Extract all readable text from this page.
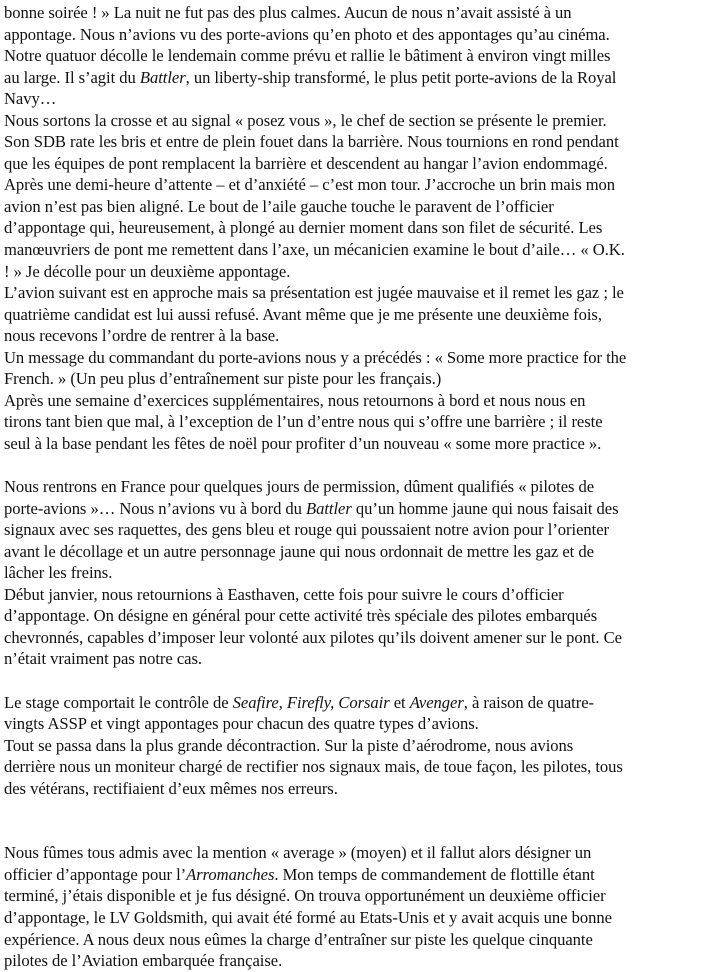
bonne soirée ! » La nuit ne fut pas des plus calmes. Aucun de nous n’avait assisté à un
appontage. Nous n’avions vu des porte-avions qu’en photo et des appontages qu’au cinéma.
Notre quatuor décolle le lendemain comme prévu et rallie le bâtiment à environ vingt milles
au large. Il s’agit du Battler, un liberty-ship transformé, le plus petit porte-avions de la Royal
Navy…
Nous sortons la crosse et au signal « posez vous », le chef de section se présente le premier.
Son SDB rate les bris et entre de plein fouet dans la barrière. Nous tournions en rond pendant
que les équipes de pont remplacent la barrière et descendent au hangar l’avion endommagé.
Après une demi-heure d’attente – et d’anxiété – c’est mon tour. J’accroche un brin mais mon
avion n’est pas bien aligné. Le bout de l’aile gauche touche le paravent de l’officier
d’appontage qui, heureusement, à plongé au dernier moment dans son filet de sécurité. Les
manœuvriers de pont me remettent dans l’axe, un mécanicien examine le bout d’aile… « O.K.
! » Je décolle pour un deuxième appontage.
L’avion suivant est en approche mais sa présentation est jugée mauvaise et il remet les gaz ; le
quatrième candidat est lui aussi refusé. Avant même que je me présente une deuxième fois,
nous recevons l’ordre de rentrer à la base.
Un message du commandant du porte-avions nous y a précédés : « Some more practice for the
French. » (Un peu plus d’entraînement sur piste pour les français.)
Après une semaine d’exercices supplémentaires, nous retournons à bord et nous nous en
tirons tant bien que mal, à l’exception de l’un d’entre nous qui s’offre une barrière ; il reste
seul à la base pendant les fêtes de noël pour profiter d’un nouveau « some more practice ».
Nous rentrons en France pour quelques jours de permission, dûment qualifiés « pilotes de
porte-avions »… Nous n’avions vu à bord du Battler qu’un homme jaune qui nous faisait des
signaux avec ses raquettes, des gens bleu et rouge qui poussaient notre avion pour l’orienter
avant le décollage et un autre personnage jaune qui nous ordonnait de mettre les gaz et de
lâcher les freins.
Début janvier, nous retournions à Easthaven, cette fois pour suivre le cours d’officier
d’appontage. On désigne en général pour cette activité très spéciale des pilotes embarqués
chevronnés, capables d’imposer leur volonté aux pilotes qu’ils doivent amener sur le pont. Ce
n’était vraiment pas notre cas.
Le stage comportait le contrôle de Seafire, Firefly, Corsair et Avenger, à raison de quatre-
vingts ASSP et vingt appontages pour chacun des quatre types d’avions.
Tout se passa dans la plus grande décontraction. Sur la piste d’aérodrome, nous avions
derrière nous un moniteur chargé de rectifier nos signaux mais, de toue façon, les pilotes, tous
des vétérans, rectifiaient d’eux mêmes nos erreurs.
Nous fûmes tous admis avec la mention « average » (moyen) et il fallut alors désigner un
officier d’appontage pour l’Arromanches. Mon temps de commandement de flottille étant
terminé, j’étais disponible et je fus désigné. On trouva opportunément un deuxième officier
d’appontage, le LV Goldsmith, qui avait été formé au Etats-Unis et y avait acquis une bonne
expérience. A nous deux nous eûmes la charge d’entraîner sur piste les quelque cinquante
pilotes de l’Aviation embarquée française.
